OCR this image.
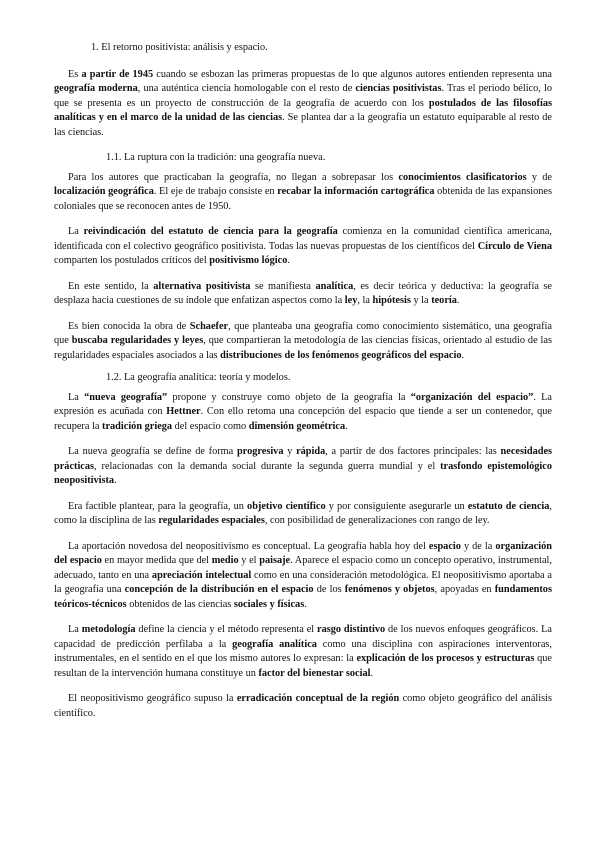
1. El retorno positivista: análisis y espacio.

Es a partir de 1945 cuando se esbozan las primeras propuestas de lo que algunos autores entienden representa una geografía moderna, una auténtica ciencia homologable con el resto de ciencias positivistas. Tras el periodo bélico, lo que se presenta es un proyecto de construcción de la geografía de acuerdo con los postulados de las filosofías analíticas y en el marco de la unidad de las ciencias. Se plantea dar a la geografía un estatuto equiparable al resto de las ciencias.

1.1. La ruptura con la tradición: una geografía nueva.

Para los autores que practicaban la geografía, no llegan a sobrepasar los conocimientos clasificatorios y de localización geográfica. El eje de trabajo consiste en recabar la información cartográfica obtenida de las expansiones coloniales que se reconocen antes de 1950.

La reivindicación del estatuto de ciencia para la geografía comienza en la comunidad científica americana, identificada con el colectivo geográfico positivista. Todas las nuevas propuestas de los científicos del Círculo de Viena comparten los postulados críticos del positivismo lógico.

En este sentido, la alternativa positivista se manifiesta analítica, es decir teórica y deductiva: la geografía se desplaza hacia cuestiones de su índole que enfatizan aspectos como la ley, la hipótesis y la teoría.

Es bien conocida la obra de Schaefer, que planteaba una geografía como conocimiento sistemático, una geografía que buscaba regularidades y leyes, que compartieran la metodología de las ciencias físicas, orientado al estudio de las regularidades espaciales asociados a las distribuciones de los fenómenos geográficos del espacio.

1.2. La geografía analítica: teoría y modelos.

La “nueva geografía” propone y construye como objeto de la geografía la “organización del espacio”. La expresión es acuñada con Hettner. Con ello retoma una concepción del espacio que tiende a ser un contenedor, que recupera la tradición griega del espacio como dimensión geométrica.

La nueva geografía se define de forma progresiva y rápida, a partir de dos factores principales: las necesidades prácticas, relacionadas con la demanda social durante la segunda guerra mundial y el trasfondo epistemológico neopositivista.

Era factible plantear, para la geografía, un objetivo científico y por consiguiente asegurarle un estatuto de ciencia, como la disciplina de las regularidades espaciales, con posibilidad de generalizaciones con rango de ley.

La aportación novedosa del neopositivismo es conceptual. La geografía habla hoy del espacio y de la organización del espacio en mayor medida que del medio y el paisaje. Aparece el espacio como un concepto operativo, instrumental, adecuado, tanto en una apreciación intelectual como en una consideración metodológica. El neopositivismo aportaba a la geografía una concepción de la distribución en el espacio de los fenómenos y objetos, apoyadas en fundamentos teóricos-técnicos obtenidos de las ciencias sociales y físicas.

La metodología define la ciencia y el método representa el rasgo distintivo de los nuevos enfoques geográficos. La capacidad de predicción perfilaba a la geografía analítica como una disciplina con aspiraciones interventoras, instrumentales, en el sentido en el que los mismo autores lo expresan: la explicación de los procesos y estructuras que resultan de la intervención humana constituye un factor del bienestar social.

El neopositivismo geográfico supuso la erradicación conceptual de la región como objeto geográfico del análisis científico.
